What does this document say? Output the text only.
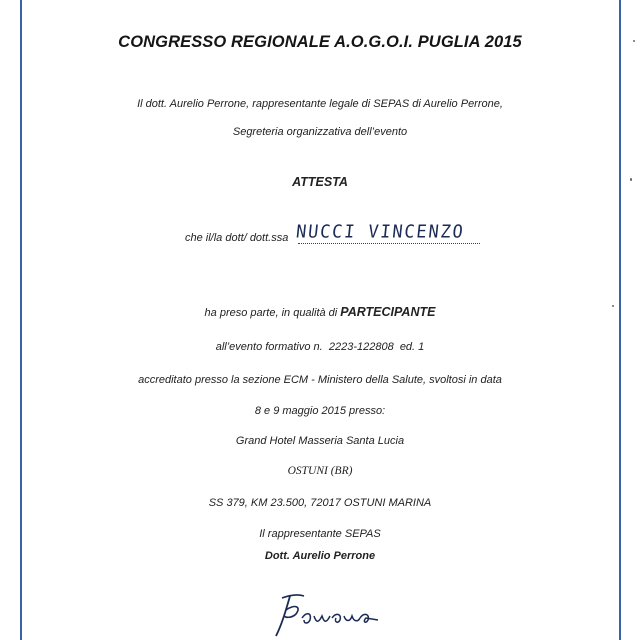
CONGRESSO REGIONALE A.O.G.O.I. PUGLIA 2015
Il dott. Aurelio Perrone, rappresentante legale di SEPAS di Aurelio Perrone,
Segreteria organizzativa dell’evento
ATTESTA
che il/la dott/ dott.ssa NUCCI VINCENZO
ha preso parte, in qualità di PARTECIPANTE
all’evento formativo n. 2223-122808 ed. 1
accreditato presso la sezione ECM - Ministero della Salute, svoltosi in data
8 e 9 maggio 2015 presso:
Grand Hotel Masseria Santa Lucia
OSTUNI (BR)
SS 379, KM 23.500, 72017 OSTUNI MARINA
Il rappresentante SEPAS
Dott. Aurelio Perrone
